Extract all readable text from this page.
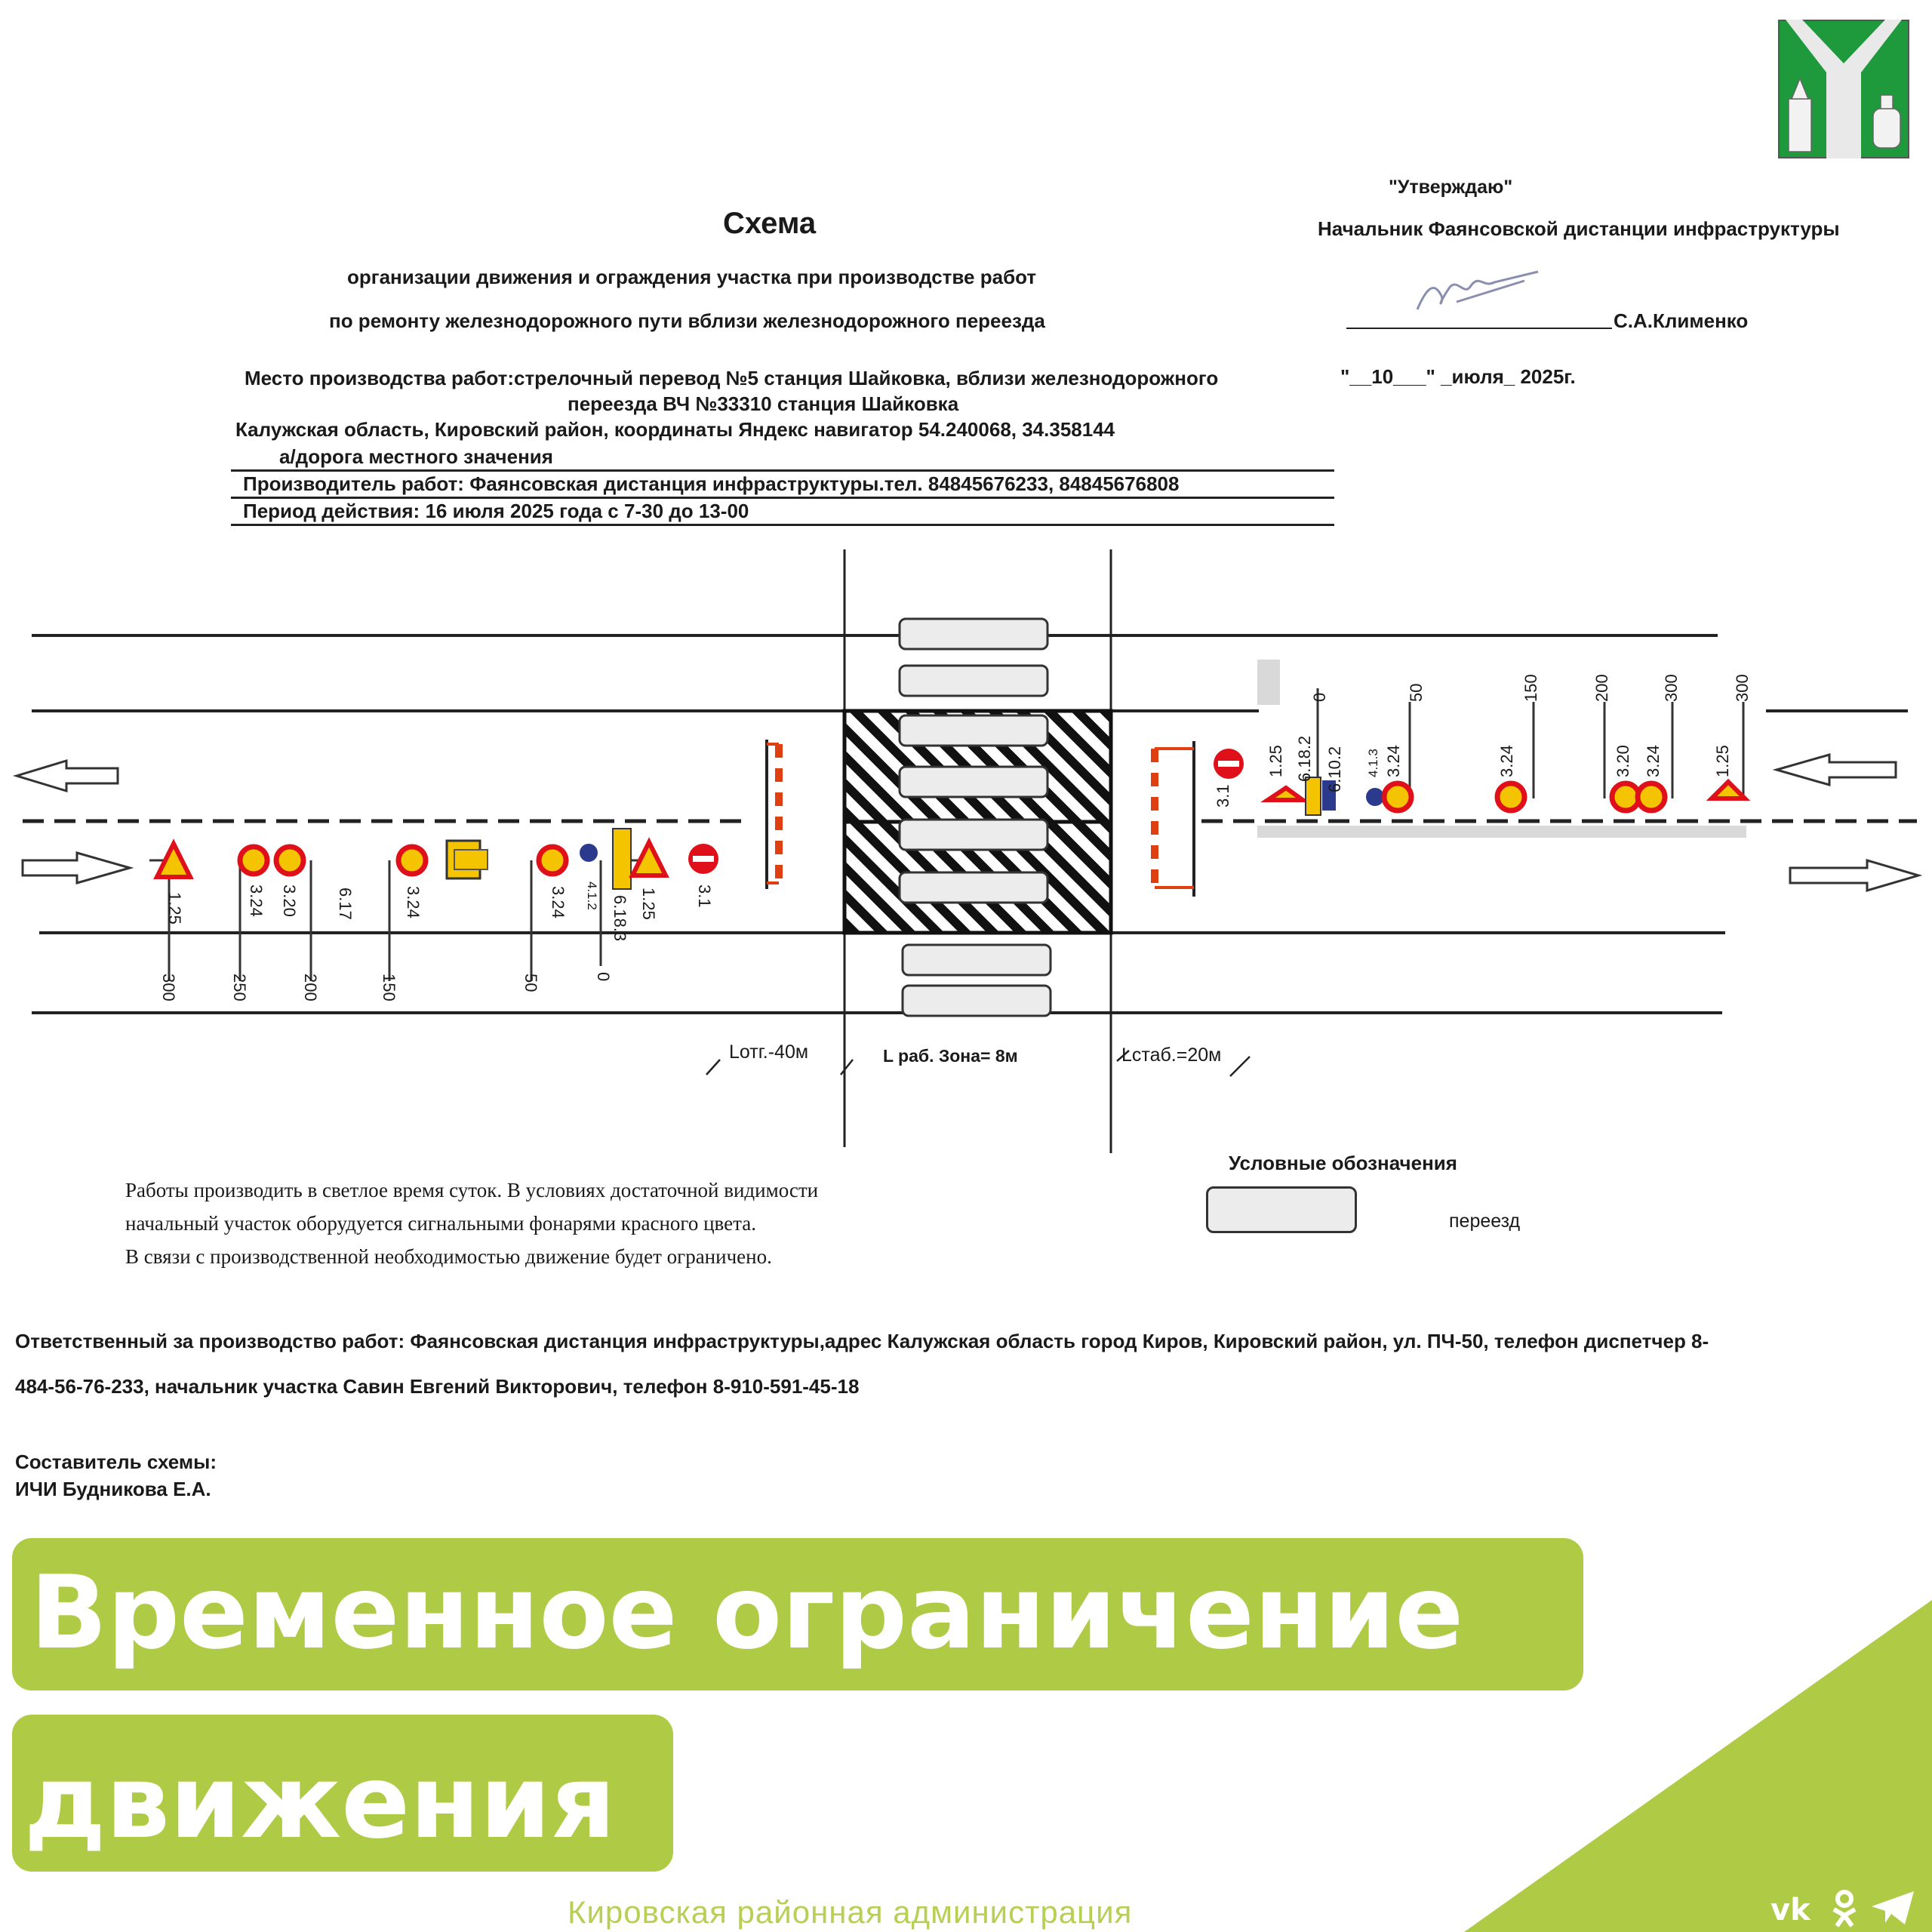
"Утверждаю"
Начальник Фаянсовской дистанции инфраструктуры
С.А.Клименко
"__10___" _июля_ 2025г.
Схема
организации движения и ограждения участка при производстве работ
по ремонту железнодорожного пути вблизи железнодорожного переезда
Место производства работ:стрелочный перевод №5 станция Шайковка, вблизи железнодорожного
переезда ВЧ №33310 станция Шайковка
Калужская область, Кировский район, координаты Яндекс навигатор 54.240068, 34.358144
а/дорога местного значения
Производитель работ: Фаянсовская дистанция инфраструктуры.тел. 84845676233, 84845676808
Период действия: 16 июля 2025 года с 7-30 до 13-00
1.25	3.24 3.20 6.17	3.24	3.24 4.1.2 6.18.3 1.25 3.1
300	250	200	150	50	0
3.1
1.25 6.18.2 6.10.2 4.1.3 3.24	3.24	3.20 3.24	1.25
0	50	150	200	300	300
Lотг.-40м	L раб. Зона= 8м	Lстаб.=20м
Работы производить в светлое время суток. В условиях достаточной видимости
начальный участок оборудуется сигнальными фонарями красного цвета.
В связи с производственной необходимостью движение будет ограничено.
Условные обозначения
переезд
Ответственный за производство работ: Фаянсовская дистанция инфраструктуры,адрес Калужская область город Киров, Кировский район, ул. ПЧ-50, телефон диспетчер 8-
484-56-76-233, начальник участка Савин Евгений Викторович, телефон 8-910-591-45-18
Составитель схемы:
ИЧИ Будникова Е.А.
Временное ограничение
движения
Кировская районная администрация	vk
